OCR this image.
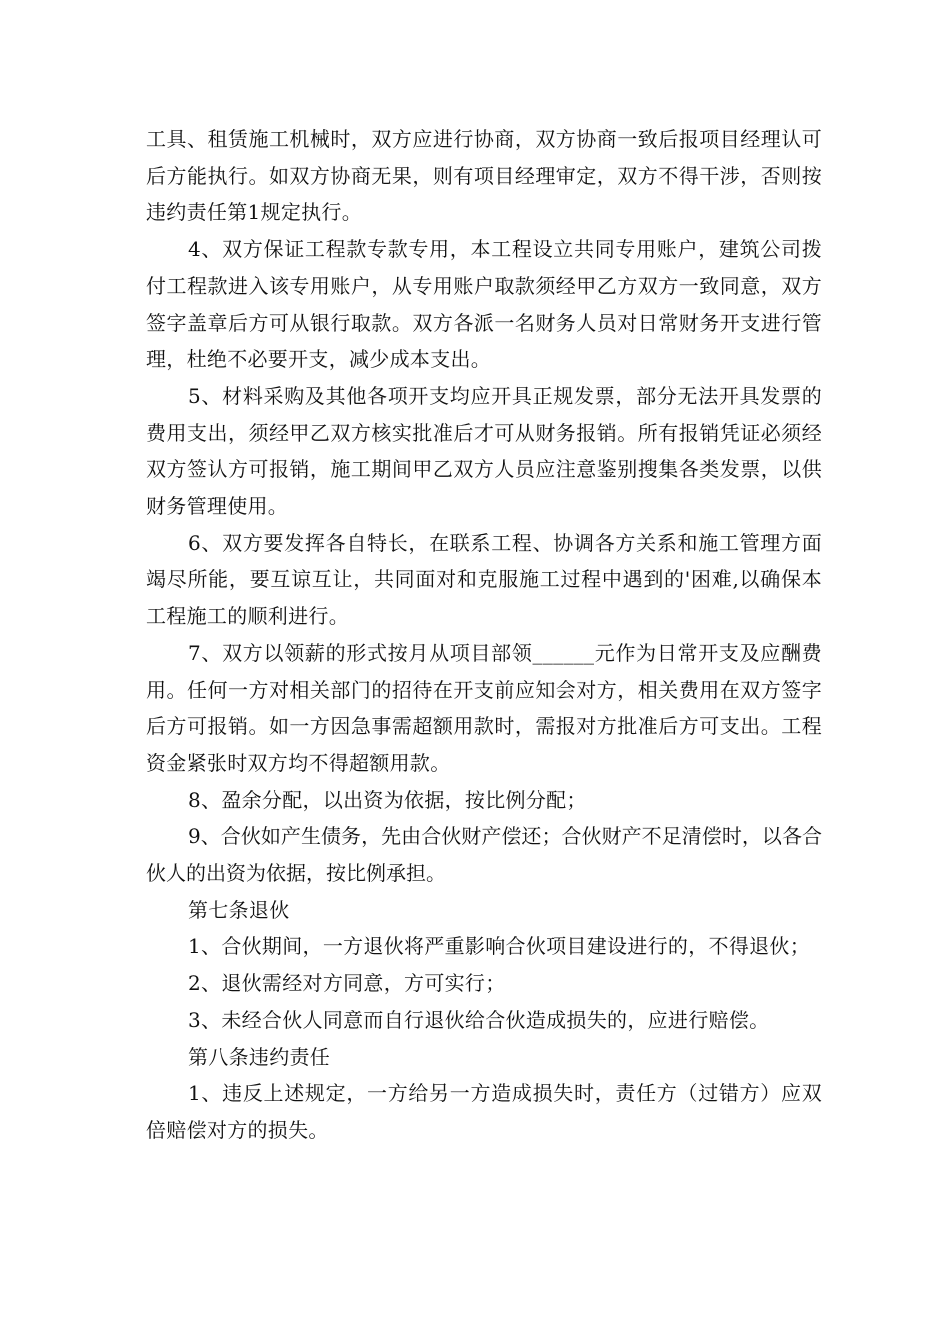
工具、租赁施工机械时，双方应进行协商，双方协商一致后报项目经理认可后方能执行。如双方协商无果，则有项目经理审定，双方不得干涉，否则按违约责任第1规定执行。

4、双方保证工程款专款专用，本工程设立共同专用账户，建筑公司拨付工程款进入该专用账户，从专用账户取款须经甲乙方双方一致同意，双方签字盖章后方可从银行取款。双方各派一名财务人员对日常财务开支进行管理，杜绝不必要开支，减少成本支出。

5、材料采购及其他各项开支均应开具正规发票，部分无法开具发票的费用支出，须经甲乙双方核实批准后才可从财务报销。所有报销凭证必须经双方签认方可报销，施工期间甲乙双方人员应注意鉴别搜集各类发票，以供财务管理使用。

6、双方要发挥各自特长，在联系工程、协调各方关系和施工管理方面竭尽所能，要互谅互让，共同面对和克服施工过程中遇到的'困难,以确保本工程施工的顺利进行。

7、双方以领薪的形式按月从项目部领______元作为日常开支及应酬费用。任何一方对相关部门的招待在开支前应知会对方，相关费用在双方签字后方可报销。如一方因急事需超额用款时，需报对方批准后方可支出。工程资金紧张时双方均不得超额用款。

8、盈余分配，以出资为依据，按比例分配；

9、合伙如产生债务，先由合伙财产偿还；合伙财产不足清偿时，以各合伙人的出资为依据，按比例承担。

第七条退伙

1、合伙期间，一方退伙将严重影响合伙项目建设进行的，不得退伙；

2、退伙需经对方同意，方可实行；

3、未经合伙人同意而自行退伙给合伙造成损失的，应进行赔偿。

第八条违约责任

1、违反上述规定，一方给另一方造成损失时，责任方（过错方）应双倍赔偿对方的损失。
